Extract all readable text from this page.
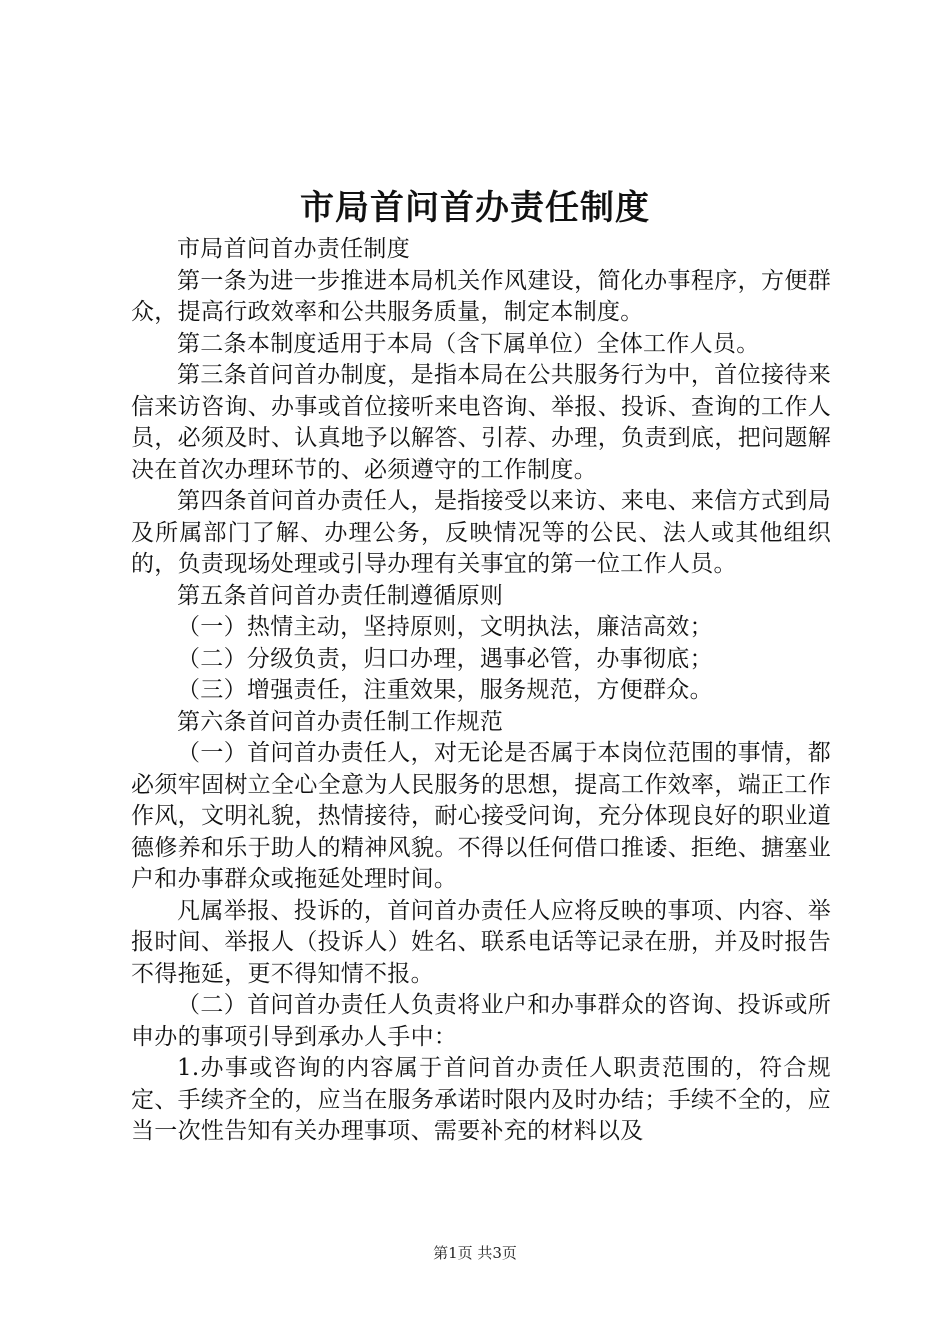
市局首问首办责任制度

市局首问首办责任制度

第一条为进一步推进本局机关作风建设，简化办事程序，方便群众，提高行政效率和公共服务质量，制定本制度。

第二条本制度适用于本局（含下属单位）全体工作人员。

第三条首问首办制度，是指本局在公共服务行为中，首位接待来信来访咨询、办事或首位接听来电咨询、举报、投诉、查询的工作人员，必须及时、认真地予以解答、引荐、办理，负责到底，把问题解决在首次办理环节的、必须遵守的工作制度。

第四条首问首办责任人，是指接受以来访、来电、来信方式到局及所属部门了解、办理公务，反映情况等的公民、法人或其他组织的，负责现场处理或引导办理有关事宜的第一位工作人员。

第五条首问首办责任制遵循原则

（一）热情主动，坚持原则，文明执法，廉洁高效；

（二）分级负责，归口办理，遇事必管，办事彻底；

（三）增强责任，注重效果，服务规范，方便群众。

第六条首问首办责任制工作规范

（一）首问首办责任人，对无论是否属于本岗位范围的事情，都必须牢固树立全心全意为人民服务的思想，提高工作效率，端正工作作风，文明礼貌，热情接待，耐心接受问询，充分体现良好的职业道德修养和乐于助人的精神风貌。不得以任何借口推诿、拒绝、搪塞业户和办事群众或拖延处理时间。

凡属举报、投诉的，首问首办责任人应将反映的事项、内容、举报时间、举报人（投诉人）姓名、联系电话等记录在册，并及时报告不得拖延，更不得知情不报。

（二）首问首办责任人负责将业户和办事群众的咨询、投诉或所申办的事项引导到承办人手中：

1.办事或咨询的内容属于首问首办责任人职责范围的，符合规定、手续齐全的，应当在服务承诺时限内及时办结；手续不全的，应当一次性告知有关办理事项、需要补充的材料以及

第1页 共3页
